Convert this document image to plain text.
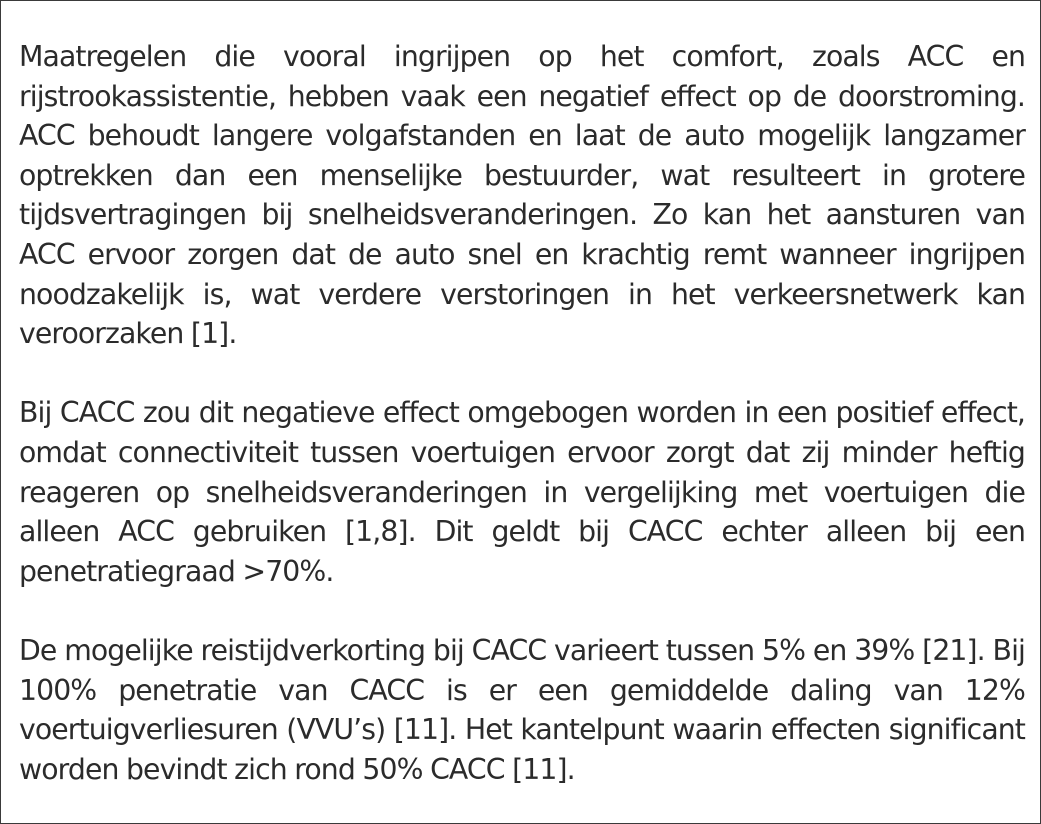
Maatregelen die vooral ingrijpen op het comfort, zoals ACC en rijstrookassistentie, hebben vaak een negatief effect op de doorstroming. ACC behoudt langere volgafstanden en laat de auto mogelijk langzamer optrekken dan een menselijke bestuurder, wat resulteert in grotere tijdsvertragingen bij snelheidsveranderingen. Zo kan het aansturen van ACC ervoor zorgen dat de auto snel en krachtig remt wanneer ingrijpen noodzakelijk is, wat verdere verstoringen in het verkeersnetwerk kan veroorzaken [1].

Bij CACC zou dit negatieve effect omgebogen worden in een positief effect, omdat connectiviteit tussen voertuigen ervoor zorgt dat zij minder heftig reageren op snelheidsveranderingen in vergelijking met voertuigen die alleen ACC gebruiken [1,8]. Dit geldt bij CACC echter alleen bij een penetratiegraad >70%.

De mogelijke reistijdverkorting bij CACC varieert tussen 5% en 39% [21]. Bij 100% penetratie van CACC is er een gemiddelde daling van 12% voertuigverliesuren (VVU’s) [11]. Het kantelpunt waarin effecten significant worden bevindt zich rond 50% CACC [11].
